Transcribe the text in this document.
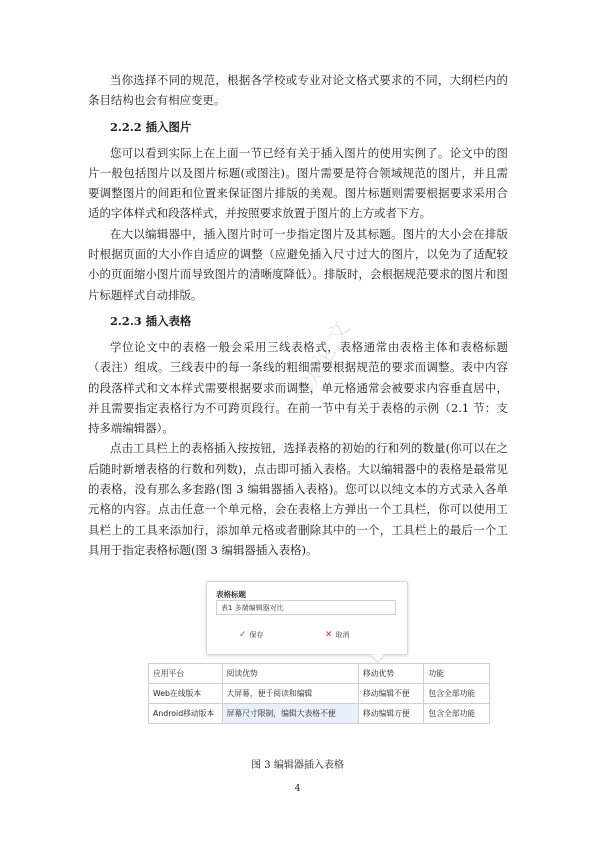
大以论文

当你选择不同的规范，根据各学校或专业对论文格式要求的不同，大纲栏内的条目结构也会有相应变更。

2.2.2 插入图片

您可以看到实际上在上面一节已经有关于插入图片的使用实例了。论文中的图片一般包括图片以及图片标题(或图注)。图片需要是符合领域规范的图片，并且需要调整图片的间距和位置来保证图片排版的美观。图片标题则需要根据要求采用合适的字体样式和段落样式，并按照要求放置于图片的上方或者下方。

在大以编辑器中，插入图片时可一步指定图片及其标题。图片的大小会在排版时根据页面的大小作自适应的调整（应避免插入尺寸过大的图片，以免为了适配较小的页面缩小图片而导致图片的清晰度降低）。排版时，会根据规范要求的图片和图片标题样式自动排版。

2.2.3 插入表格

学位论文中的表格一般会采用三线表格式，表格通常由表格主体和表格标题（表注）组成。三线表中的每一条线的粗细需要根据规范的要求而调整。表中内容的段落样式和文本样式需要根据要求而调整，单元格通常会被要求内容垂直居中，并且需要指定表格行为不可跨页段行。在前一节中有关于表格的示例（2.1 节：支持多端编辑器）。

点击工具栏上的表格插入按按钮，选择表格的初始的行和列的数量(你可以在之后随时新增表格的行数和列数)，点击即可插入表格。大以编辑器中的表格是最常见的表格，没有那么多套路(图 3 编辑器插入表格)。您可以以纯文本的方式录入各单元格的内容。点击任意一个单元格，会在表格上方弹出一个工具栏，你可以使用工具栏上的工具来添加行，添加单元格或者删除其中的一个，工具栏上的最后一个工具用于指定表格标题(图 3 编辑器插入表格)。

表格标题
表1 多端编辑器对比
✓ 保存	✕ 取消
应用平台	阅读优势	移动优势	功能
Web在线版本	大屏幕，便于阅读和编辑	移动编辑不便	包含全部功能
Android移动版本	屏幕尺寸限制，编辑大表格不便	移动编辑方便	包含全部功能
图 3 编辑器插入表格
4
